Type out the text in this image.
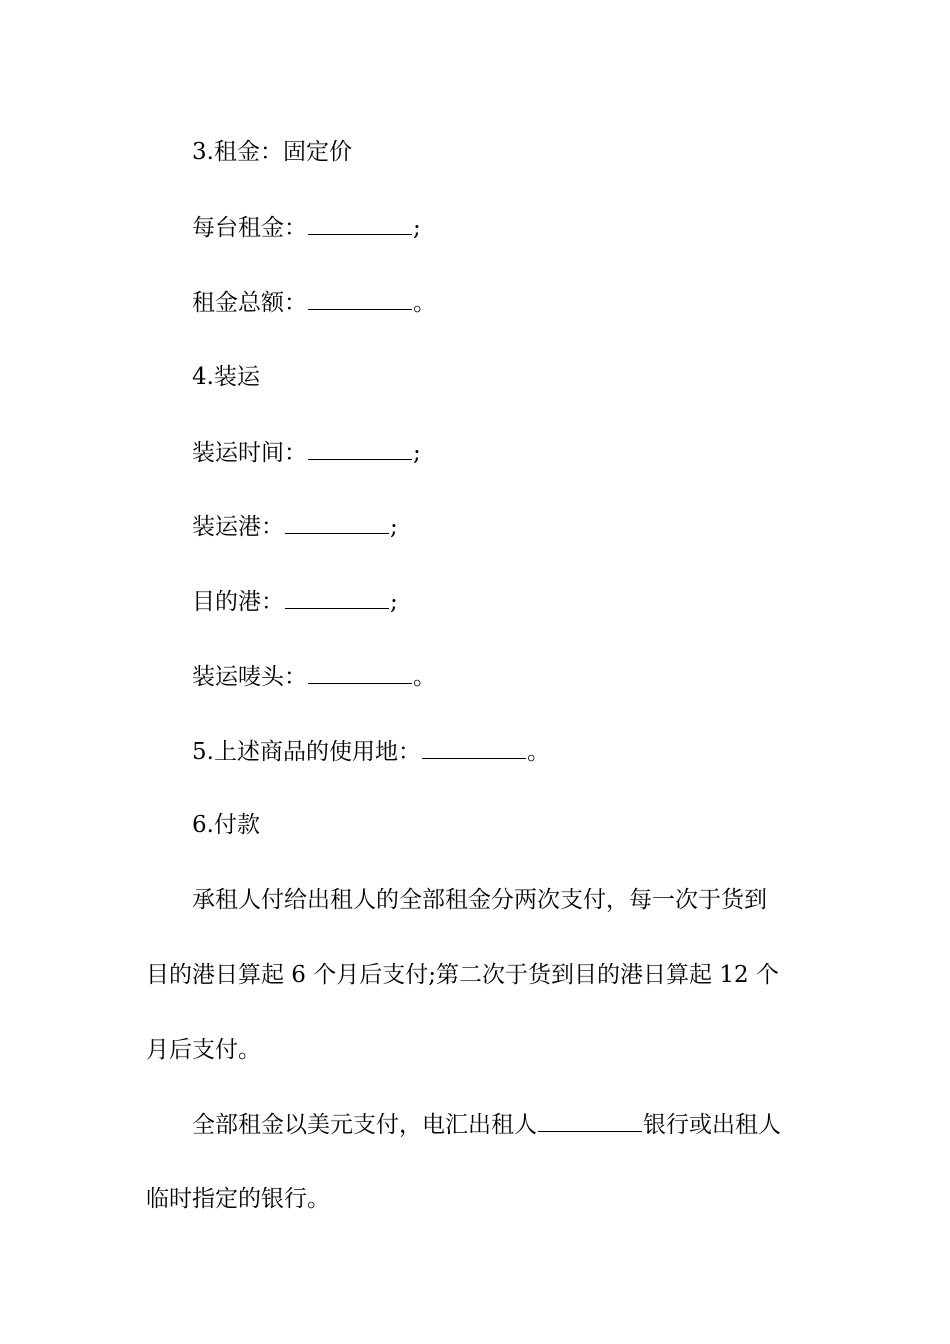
3.租金：固定价
每台租金：	;
租金总额：	。
4.装运
装运时间：	;
装运港：	;
目的港：	;
装运唛头：	。
5.上述商品的使用地：	。
6.付款
承租人付给出租人的全部租金分两次支付，每一次于货到
目的港日算起 6 个月后支付;第二次于货到目的港日算起 12 个
月后支付。
全部租金以美元支付，电汇出租人	银行或出租人
临时指定的银行。
